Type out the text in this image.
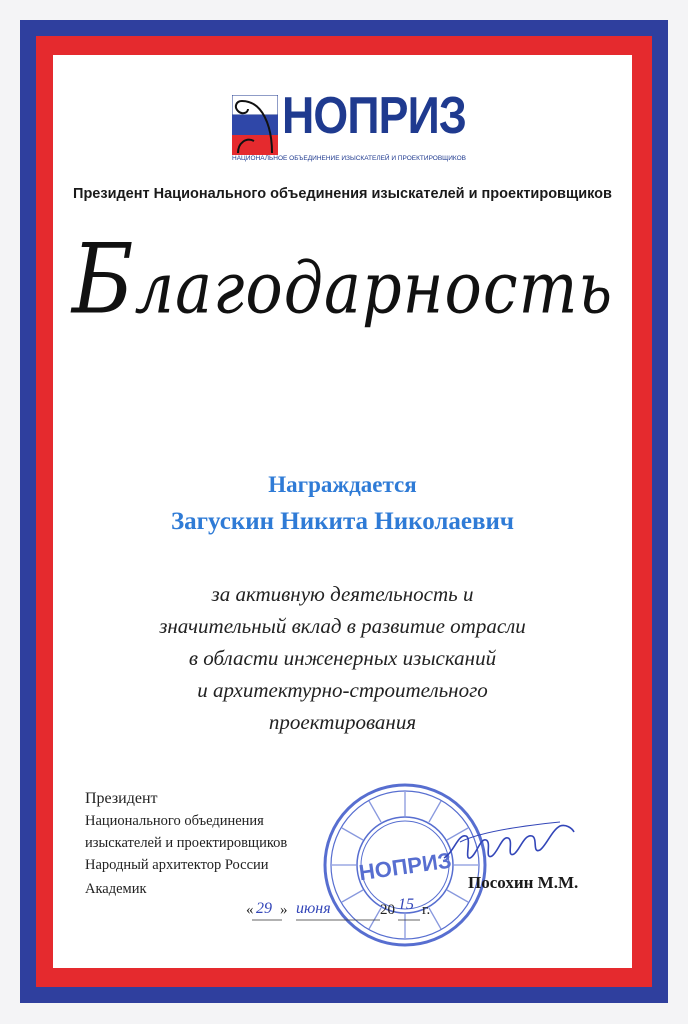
НОПРИЗ
НАЦИОНАЛЬНОЕ ОБЪЕДИНЕНИЕ ИЗЫСКАТЕЛЕЙ И ПРОЕКТИРОВЩИКОВ
Президент Национального объединения изыскателей и проектировщиков
Благодарность
Награждается
Загускин Никита Николаевич
за активную деятельность и
значительный вклад в развитие отрасли
в области инженерных изысканий
и архитектурно-строительного
проектирования
Президент
Национального объединения
изыскателей и проектировщиков
Народный архитектор России
Академик
НОПРИЗ Посохин М.М.
« 29 » июня	20 15 г.
